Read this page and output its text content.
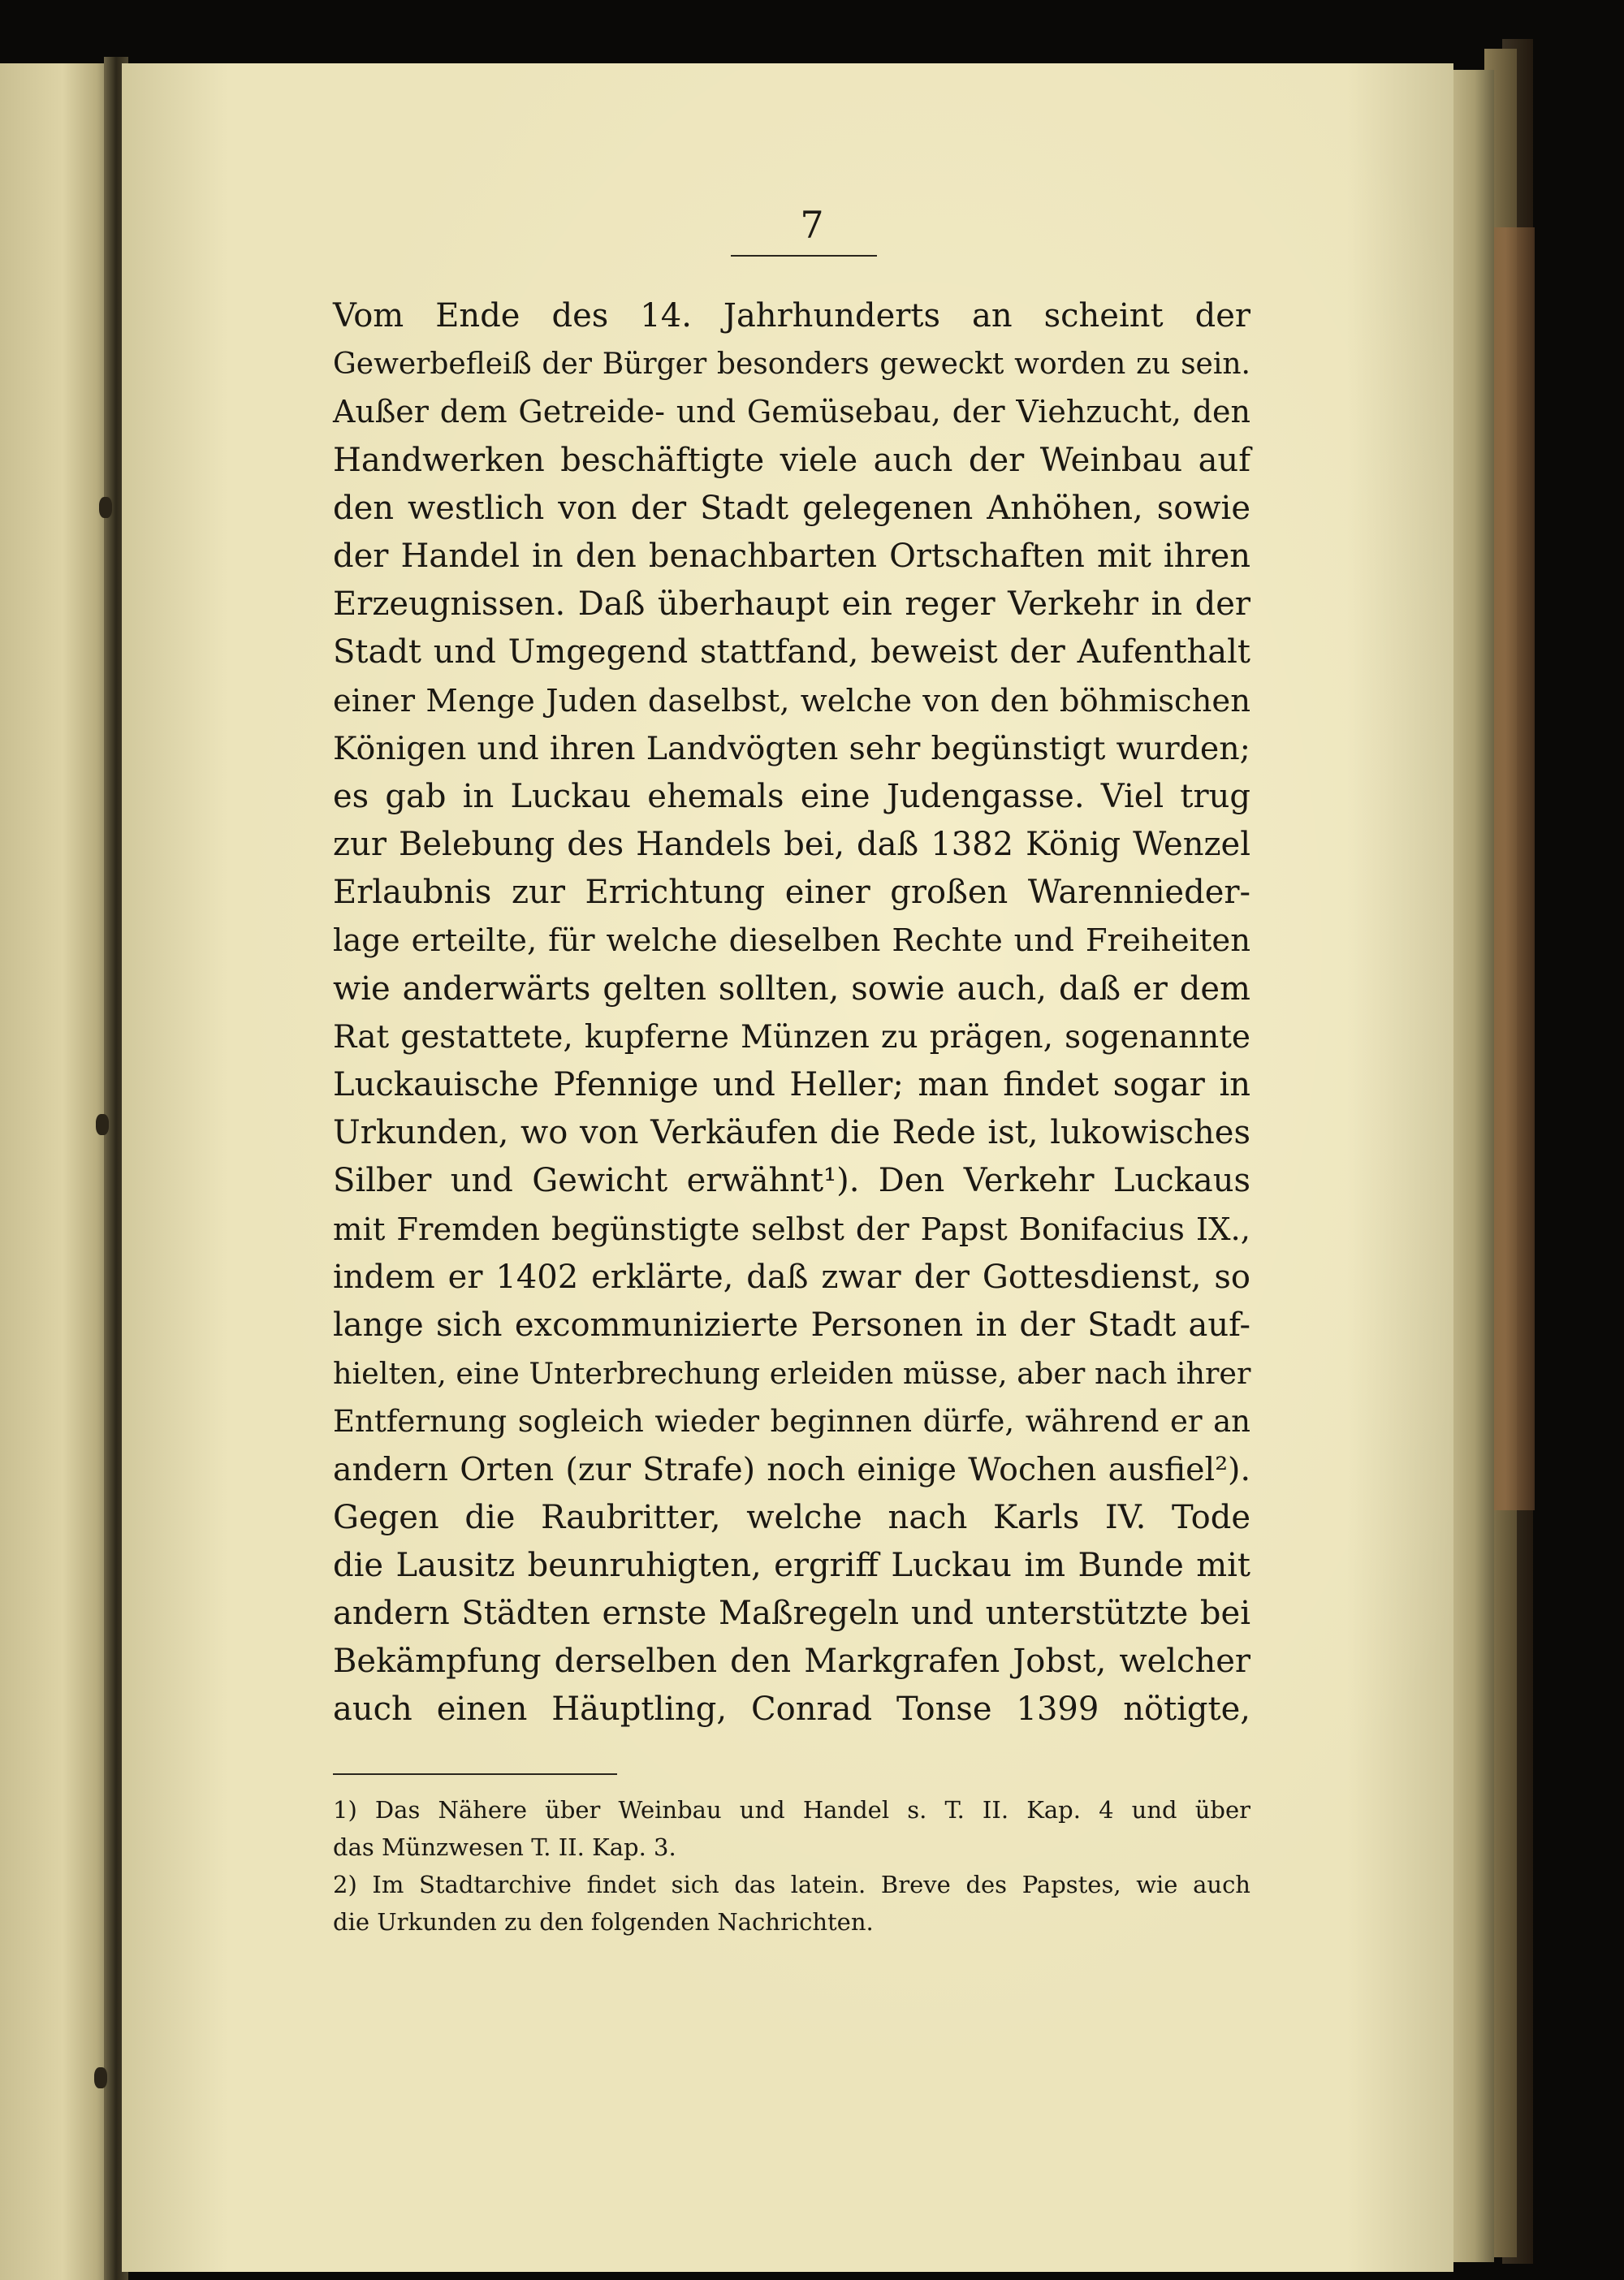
7

Vom Ende des 14. Jahrhunderts an scheint der
Gewerbefleiß der Bürger besonders geweckt worden zu sein.
Außer dem Getreide- und Gemüsebau, der Viehzucht, den
Handwerken beschäftigte viele auch der Weinbau auf
den westlich von der Stadt gelegenen Anhöhen, sowie
der Handel in den benachbarten Ortschaften mit ihren
Erzeugnissen. Daß überhaupt ein reger Verkehr in der
Stadt und Umgegend stattfand, beweist der Aufenthalt
einer Menge Juden daselbst, welche von den böhmischen
Königen und ihren Landvögten sehr begünstigt wurden;
es gab in Luckau ehemals eine Judengasse. Viel trug
zur Belebung des Handels bei, daß 1382 König Wenzel
Erlaubnis zur Errichtung einer großen Warennieder-
lage erteilte, für welche dieselben Rechte und Freiheiten
wie anderwärts gelten sollten, sowie auch, daß er dem
Rat gestattete, kupferne Münzen zu prägen, sogenannte
Luckauische Pfennige und Heller; man findet sogar in
Urkunden, wo von Verkäufen die Rede ist, lukowisches
Silber und Gewicht erwähnt¹). Den Verkehr Luckaus
mit Fremden begünstigte selbst der Papst Bonifacius IX.,
indem er 1402 erklärte, daß zwar der Gottesdienst, so
lange sich excommunizierte Personen in der Stadt auf-
hielten, eine Unterbrechung erleiden müsse, aber nach ihrer
Entfernung sogleich wieder beginnen dürfe, während er an
andern Orten (zur Strafe) noch einige Wochen ausfiel²).
Gegen die Raubritter, welche nach Karls IV. Tode
die Lausitz beunruhigten, ergriff Luckau im Bunde mit
andern Städten ernste Maßregeln und unterstützte bei
Bekämpfung derselben den Markgrafen Jobst, welcher
auch einen Häuptling, Conrad Tonse 1399 nötigte,
1) Das Nähere über Weinbau und Handel s. T. II. Kap. 4 und über
das Münzwesen T. II. Kap. 3.
2) Im Stadtarchive findet sich das latein. Breve des Papstes, wie auch
die Urkunden zu den folgenden Nachrichten.
